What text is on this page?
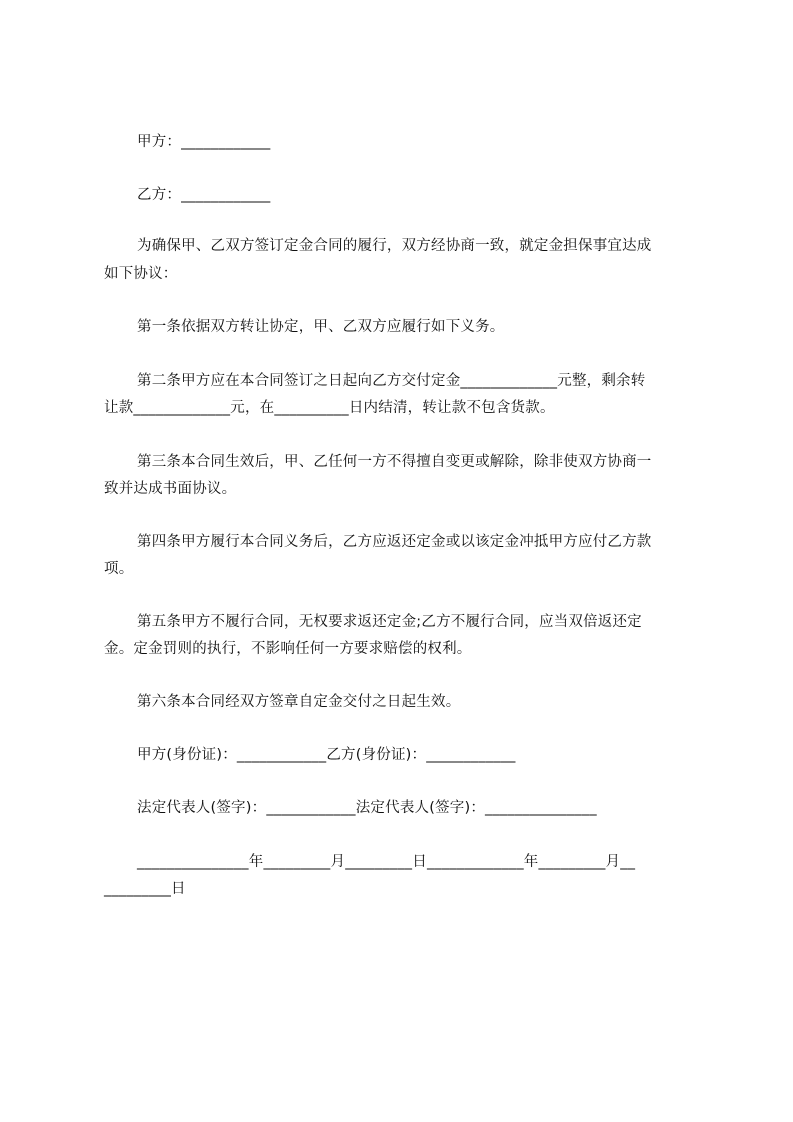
甲方：____________
乙方：____________
为确保甲、乙双方签订定金合同的履行，双方经协商一致，就定金担保事宜达成
如下协议：
第一条依据双方转让协定，甲、乙双方应履行如下义务。
第二条甲方应在本合同签订之日起向乙方交付定金_____________元整，剩余转
让款_____________元，在__________日内结清，转让款不包含货款。
第三条本合同生效后，甲、乙任何一方不得擅自变更或解除，除非使双方协商一
致并达成书面协议。
第四条甲方履行本合同义务后，乙方应返还定金或以该定金冲抵甲方应付乙方款
项。
第五条甲方不履行合同，无权要求返还定金;乙方不履行合同，应当双倍返还定
金。定金罚则的执行，不影响任何一方要求赔偿的权利。
第六条本合同经双方签章自定金交付之日起生效。
甲方(身份证)：____________乙方(身份证)：____________
法定代表人(签字)：____________法定代表人(签字)：_______________
_______________年_________月_________日_____________年_________月__
_________日
